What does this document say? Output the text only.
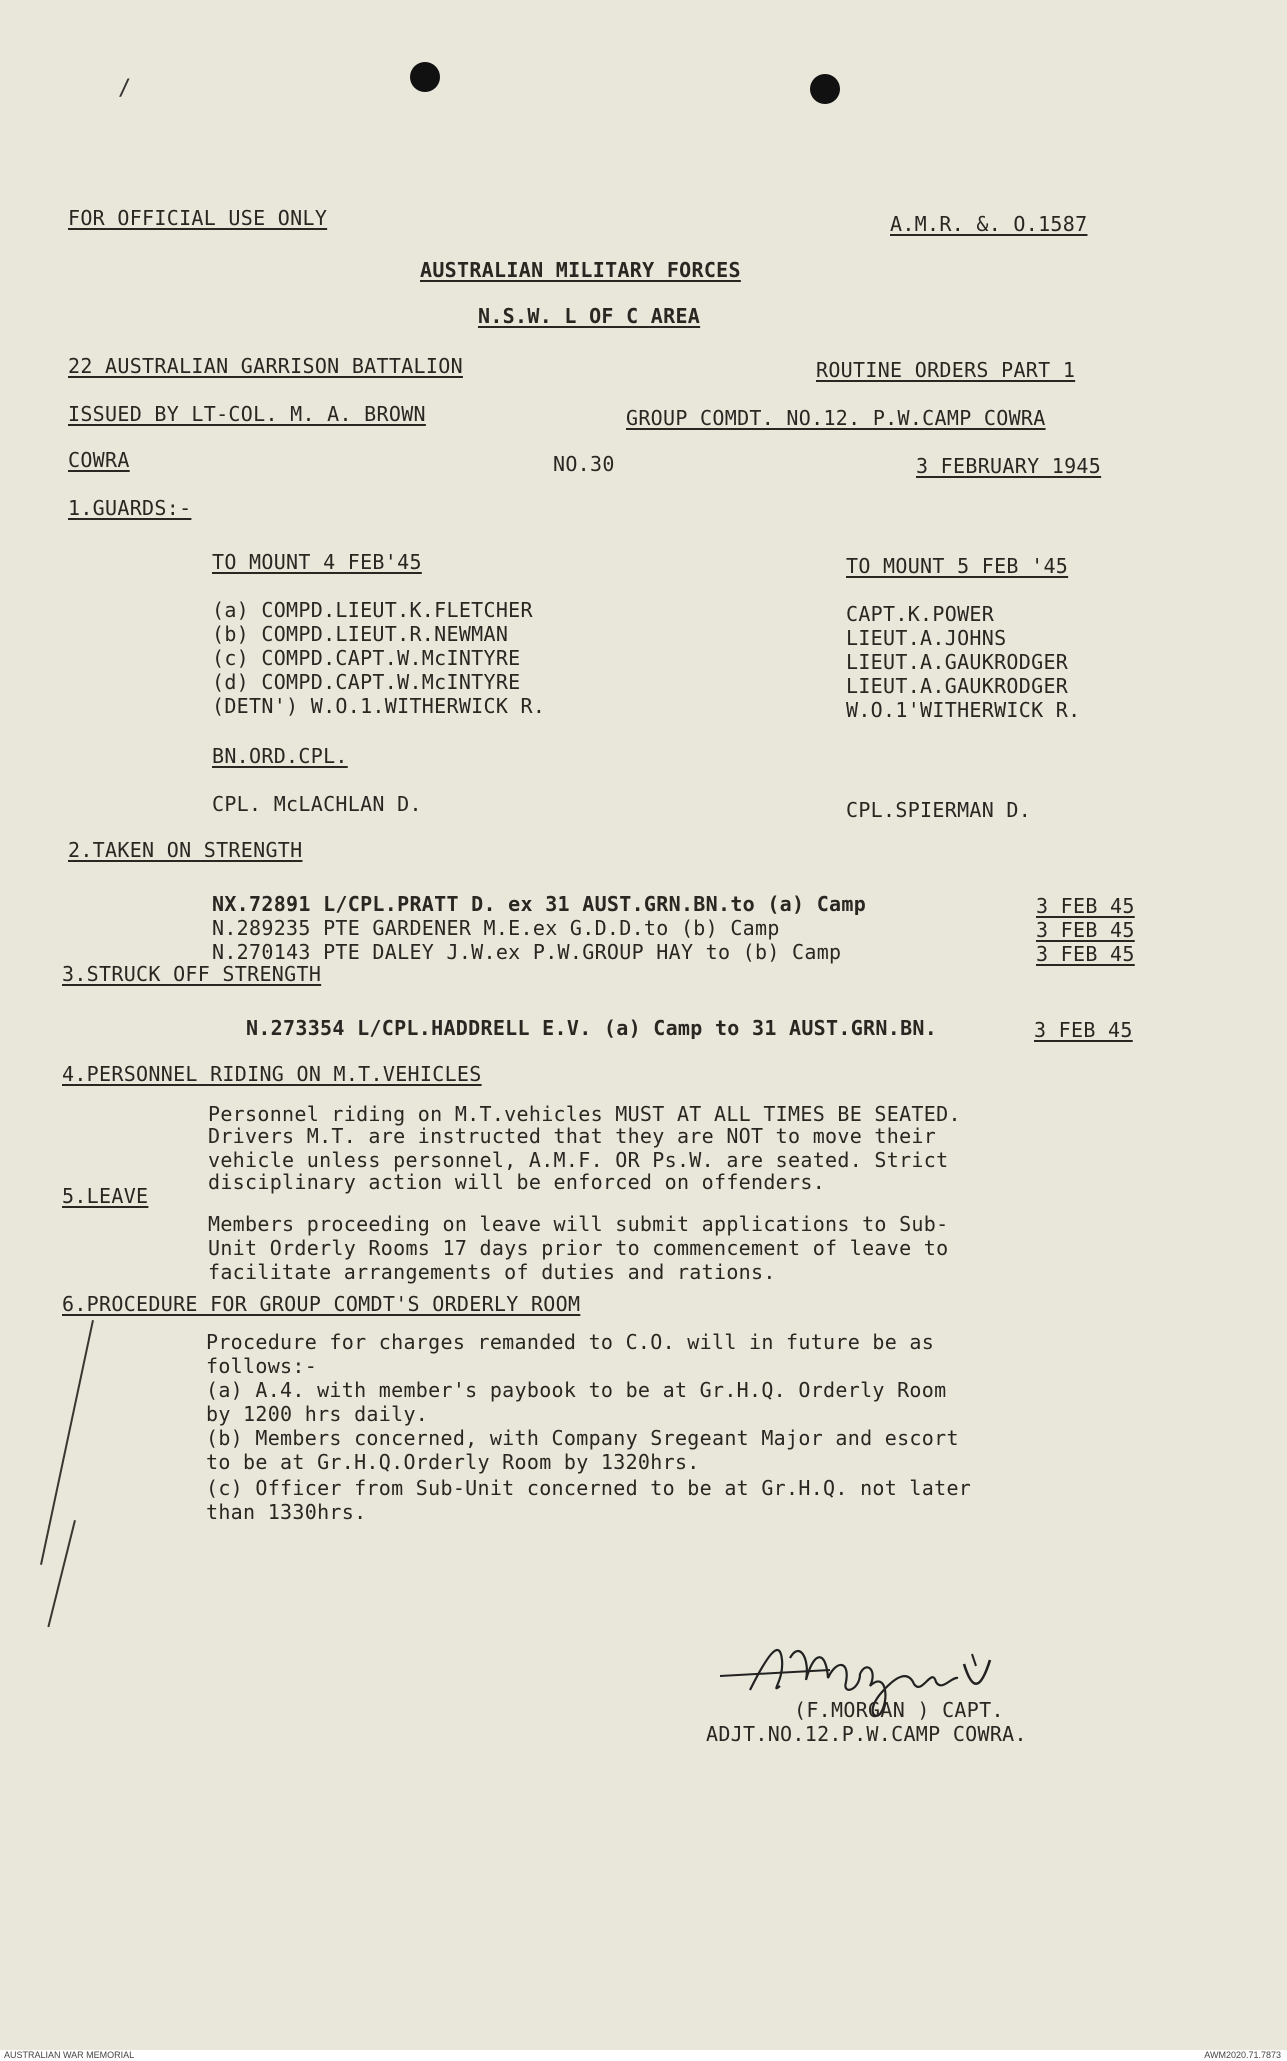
/
FOR OFFICIAL USE ONLY	A.M.R. &. O.1587
AUSTRALIAN MILITARY FORCES
N.S.W. L OF C AREA
22 AUSTRALIAN GARRISON BATTALION	ROUTINE ORDERS PART 1
ISSUED BY LT-COL. M. A. BROWN	GROUP COMDT. NO.12. P.W.CAMP COWRA
COWRA	NO.30	3 FEBRUARY 1945
1.GUARDS:-
TO MOUNT 4 FEB'45	TO MOUNT 5 FEB '45
(a) COMPD.LIEUT.K.FLETCHER	CAPT.K.POWER
(b) COMPD.LIEUT.R.NEWMAN	LIEUT.A.JOHNS
(c) COMPD.CAPT.W.McINTYRE	LIEUT.A.GAUKRODGER
(d) COMPD.CAPT.W.McINTYRE	LIEUT.A.GAUKRODGER
(DETN') W.O.1.WITHERWICK R.	W.O.1'WITHERWICK R.
BN.ORD.CPL.
CPL. McLACHLAN D.	CPL.SPIERMAN D.
2.TAKEN ON STRENGTH
NX.72891 L/CPL.PRATT D. ex 31 AUST.GRN.BN.to (a) Camp	3 FEB 45
N.289235 PTE GARDENER M.E.ex G.D.D.to (b) Camp	3 FEB 45
N.270143 PTE DALEY J.W.ex P.W.GROUP HAY to (b) Camp	3 FEB 45
3.STRUCK OFF STRENGTH
N.273354 L/CPL.HADDRELL E.V. (a) Camp to 31 AUST.GRN.BN.	3 FEB 45
4.PERSONNEL RIDING ON M.T.VEHICLES
Personnel riding on M.T.vehicles MUST AT ALL TIMES BE SEATED.
Drivers M.T. are instructed that they are NOT to move their
vehicle unless personnel, A.M.F. OR Ps.W. are seated. Strict
disciplinary action will be enforced on offenders.
5.LEAVE
Members proceeding on leave will submit applications to Sub-
Unit Orderly Rooms 17 days prior to commencement of leave to
facilitate arrangements of duties and rations.
6.PROCEDURE FOR GROUP COMDT'S ORDERLY ROOM
Procedure for charges remanded to C.O. will in future be as
follows:-
(a) A.4. with member's paybook to be at Gr.H.Q. Orderly Room
by 1200 hrs daily.
(b) Members concerned, with Company Sregeant Major and escort
to be at Gr.H.Q.Orderly Room by 1320hrs.
(c) Officer from Sub-Unit concerned to be at Gr.H.Q. not later
than 1330hrs.
(F.MORGAN ) CAPT.
ADJT.NO.12.P.W.CAMP COWRA.
AUSTRALIAN WAR MEMORIAL	AWM2020.71.7873
